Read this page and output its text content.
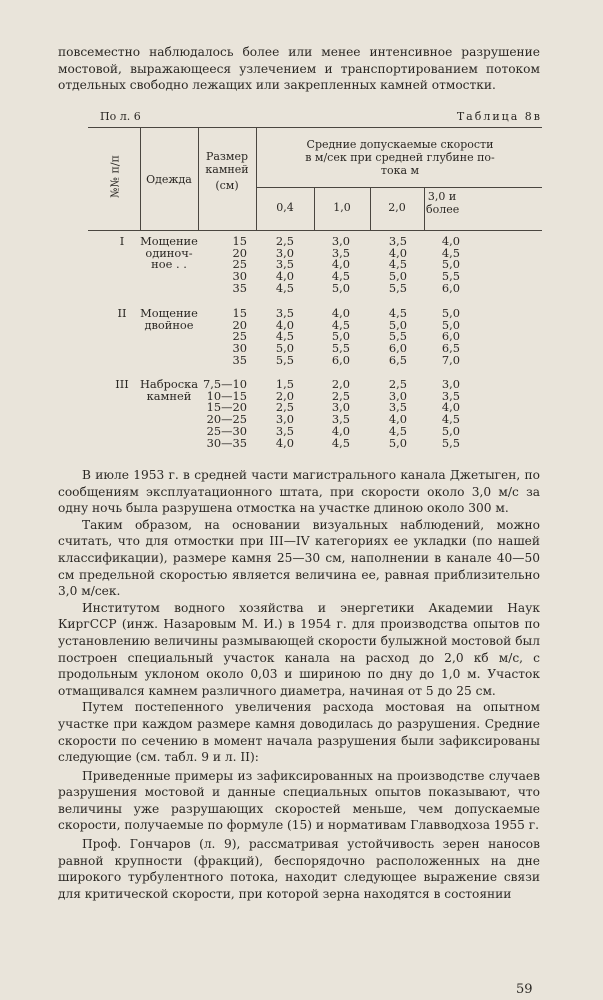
повсеместно наблюдалось более или менее интенсивное разрушение мостовой, выражающееся узлечением и транспортированием потоком отдельных свободно лежащих или закрепленных камней отмостки.

По л. 6	Таблица 8в
№№ п/п	Одежда
Размер
камней
(см)
Средние допускаемые скорости
в м/сек при средней глубине по-
тока м
0,4	1,0	2,0
3,0 и более
I	Мощение
одиноч-
ное . .
15	2,5	3,0	3,5	4,0
20	3,0	3,5	4,0	4,5
25	3,5	4,0	4,5	5,0
30	4,0	4,5	5,0	5,5
35	4,5	5,0	5,5	6,0
II	Мощение
двойное
15	3,5	4,0	4,5	5,0
20	4,0	4,5	5,0	5,0
25	4,5	5,0	5,5	6,0
30	5,0	5,5	6,0	6,5
35	5,5	6,0	6,5	7,0
III Наброска
камней
7,5—10	1,5	2,0	2,5	3,0
10—15	2,0	2,5	3,0	3,5
15—20	2,5	3,0	3,5	4,0
20—25	3,0	3,5	4,0	4,5
25—30	3,5	4,0	4,5	5,0
30—35	4,0	4,5	5,0	5,5

В июле 1953 г. в средней части магистрального канала Джетыген, по сообщениям эксплуатационного штата, при скорости около 3,0 м/с за одну ночь была разрушена отмостка на участке длиною около 300 м.

Таким образом, на основании визуальных наблюдений, можно считать, что для отмостки при III—IV категориях ее укладки (по нашей классификации), размере камня 25—30 см, наполнении в канале 40—50 см предельной скоростью является величина ее, равная приблизительно 3,0 м/сек.

Институтом водного хозяйства и энергетики Академии Наук КиргССР (инж. Назаровым М. И.) в 1954 г. для производства опытов по установлению величины размывающей скорости булыжной мостовой был построен специальный участок канала на расход до 2,0 кб м/с, с продольным уклоном около 0,03 и шириною по дну до 1,0 м. Участок отмащивался камнем различного диаметра, начиная от 5 до 25 см.

Путем постепенного увеличения расхода мостовая на опытном участке при каждом размере камня доводилась до разрушения. Средние скорости по сечению в момент начала разрушения были зафиксированы следующие (см. табл. 9 и л. II):

Приведенные примеры из зафиксированных на производстве случаев разрушения мостовой и данные специальных опытов показывают, что величины уже разрушающих скоростей меньше, чем допускаемые скорости, получаемые по формуле (15) и нормативам Главводхоза 1955 г.

Проф. Гончаров (л. 9), рассматривая устойчивость зерен наносов равной крупности (фракций), беспорядочно расположенных на дне широкого турбулентного потока, находит следующее выражение связи для критической скорости, при которой зерна находятся в состоянии

59
